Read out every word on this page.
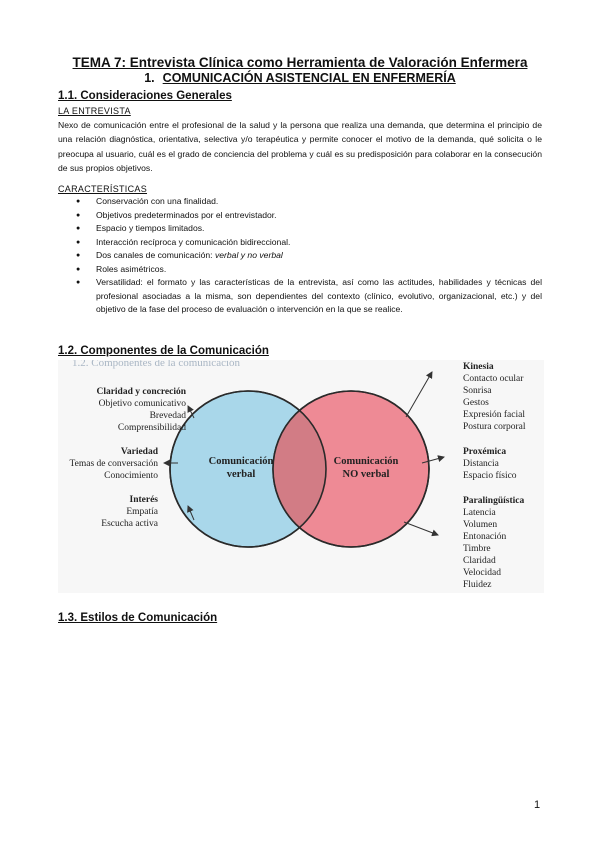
TEMA 7: Entrevista Clínica como Herramienta de Valoración Enfermera
1. COMUNICACIÓN ASISTENCIAL EN ENFERMERÍA
1.1. Consideraciones Generales
LA ENTREVISTA

Nexo de comunicación entre el profesional de la salud y la persona que realiza una demanda, que determina el principio de una relación diagnóstica, orientativa, selectiva y/o terapéutica y permite conocer el motivo de la demanda, qué solicita o le preocupa al usuario, cuál es el grado de conciencia del problema y cuál es su predisposición para colaborar en la consecución de sus propios objetivos.

CARACTERÍSTICAS
● Conservación con una finalidad.
● Objetivos predeterminados por el entrevistador.
● Espacio y tiempos limitados.
● Interacción recíproca y comunicación bidireccional.
● Dos canales de comunicación: verbal y no verbal
● Roles asimétricos.
● Versatilidad: el formato y las características de la entrevista, así como las actitudes, habilidades y técnicas del profesional asociadas a la misma, son dependientes del contexto (clínico, evolutivo, organizacional, etc.) y del objetivo de la fase del proceso de evaluación o intervención en la que se realice.
1.2. Componentes de la Comunicación
1.2. Componentes de la comunicación
Comunicación
verbal
Comunicación
NO verbal
Claridad y concreción
Objetivo comunicativo
Brevedad
Comprensibilidad
Variedad
Temas de conversación
Conocimiento
Interés
Empatía
Escucha activa
Kinesia
Contacto ocular
Sonrisa
Gestos
Expresión facial
Postura corporal
Proxémica
Distancia
Espacio físico
Paralingüística
Latencia
Volumen
Entonación
Timbre
Claridad
Velocidad
Fluidez
1.3. Estilos de Comunicación
1
